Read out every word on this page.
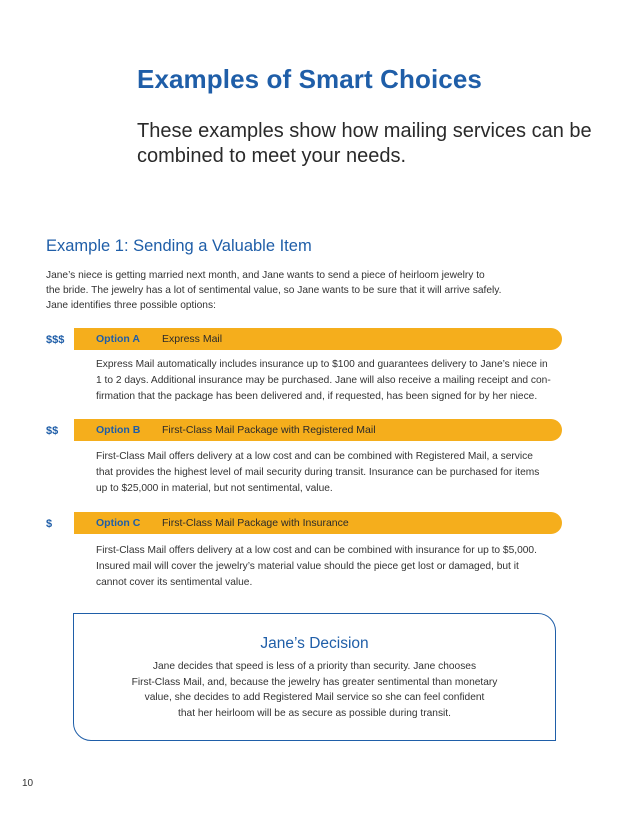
Examples of Smart Choices
These examples show how mailing services can be combined to meet your needs.
Example 1: Sending a Valuable Item

Jane’s niece is getting married next month, and Jane wants to send a piece of heirloom jewelry to

the bride. The jewelry has a lot of sentimental value, so Jane wants to be sure that it will arrive safely.

Jane identifies three possible options:

$$$	Option A Express Mail

Express Mail automatically includes insurance up to $100 and guarantees delivery to Jane’s niece in

1 to 2 days. Additional insurance may be purchased. Jane will also receive a mailing receipt and con-

firmation that the package has been delivered and, if requested, has been signed for by her niece.

$$	Option B First-Class Mail Package with Registered Mail

First-Class Mail offers delivery at a low cost and can be combined with Registered Mail, a service

that provides the highest level of mail security during transit. Insurance can be purchased for items

up to $25,000 in material, but not sentimental, value.

$	Option C First-Class Mail Package with Insurance

First-Class Mail offers delivery at a low cost and can be combined with insurance for up to $5,000.

Insured mail will cover the jewelry’s material value should the piece get lost or damaged, but it

cannot cover its sentimental value.

Jane’s Decision

Jane decides that speed is less of a priority than security. Jane chooses

First-Class Mail, and, because the jewelry has greater sentimental than monetary

value, she decides to add Registered Mail service so she can feel confident

that her heirloom will be as secure as possible during transit.

10
